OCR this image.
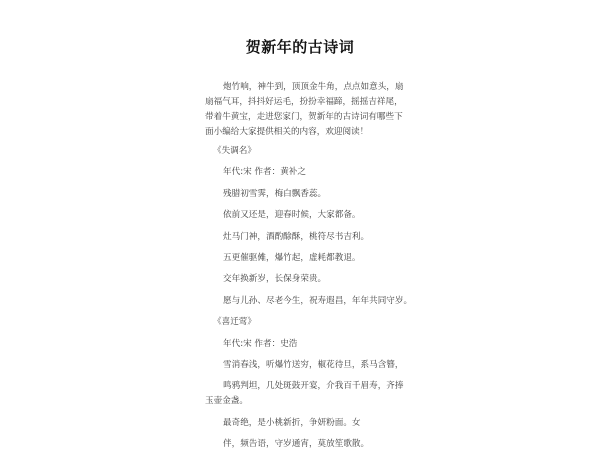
贺新年的古诗词

炮竹响，神牛到，顶顶金牛角，点点如意头，扇扇福气耳，抖抖好运毛，扮扮幸福蹄，摇摇吉祥尾，带着牛黄宝，走进您家门，贺新年的古诗词有哪些下面小编给大家提供相关的内容，欢迎阅读！

《失调名》
年代:宋 作者：黄补之
残腊初雪霁，梅白飘香蕊。
依前又还是，迎春时候，大家都备。
灶马门神，酒酌酴酥，桃符尽书吉利。
五更催驱傩，爆竹起，虚耗都教退。
交年换新岁，长保身荣贵。
愿与儿孙、尽老今生，祝寿遐昌，年年共同守岁。
《喜迁莺》
年代:宋 作者：史浩
雪消春浅，听爆竹送穷，椒花待旦，系马含簪，
鸣鸦判坦，几处斑鼓开宴，介我百千眉寿，齐捧玉壶金盏。
最奇绝，是小桃新折，争妍粉面。女
伴，频告语，守岁通宵，莫放笙歌散。
